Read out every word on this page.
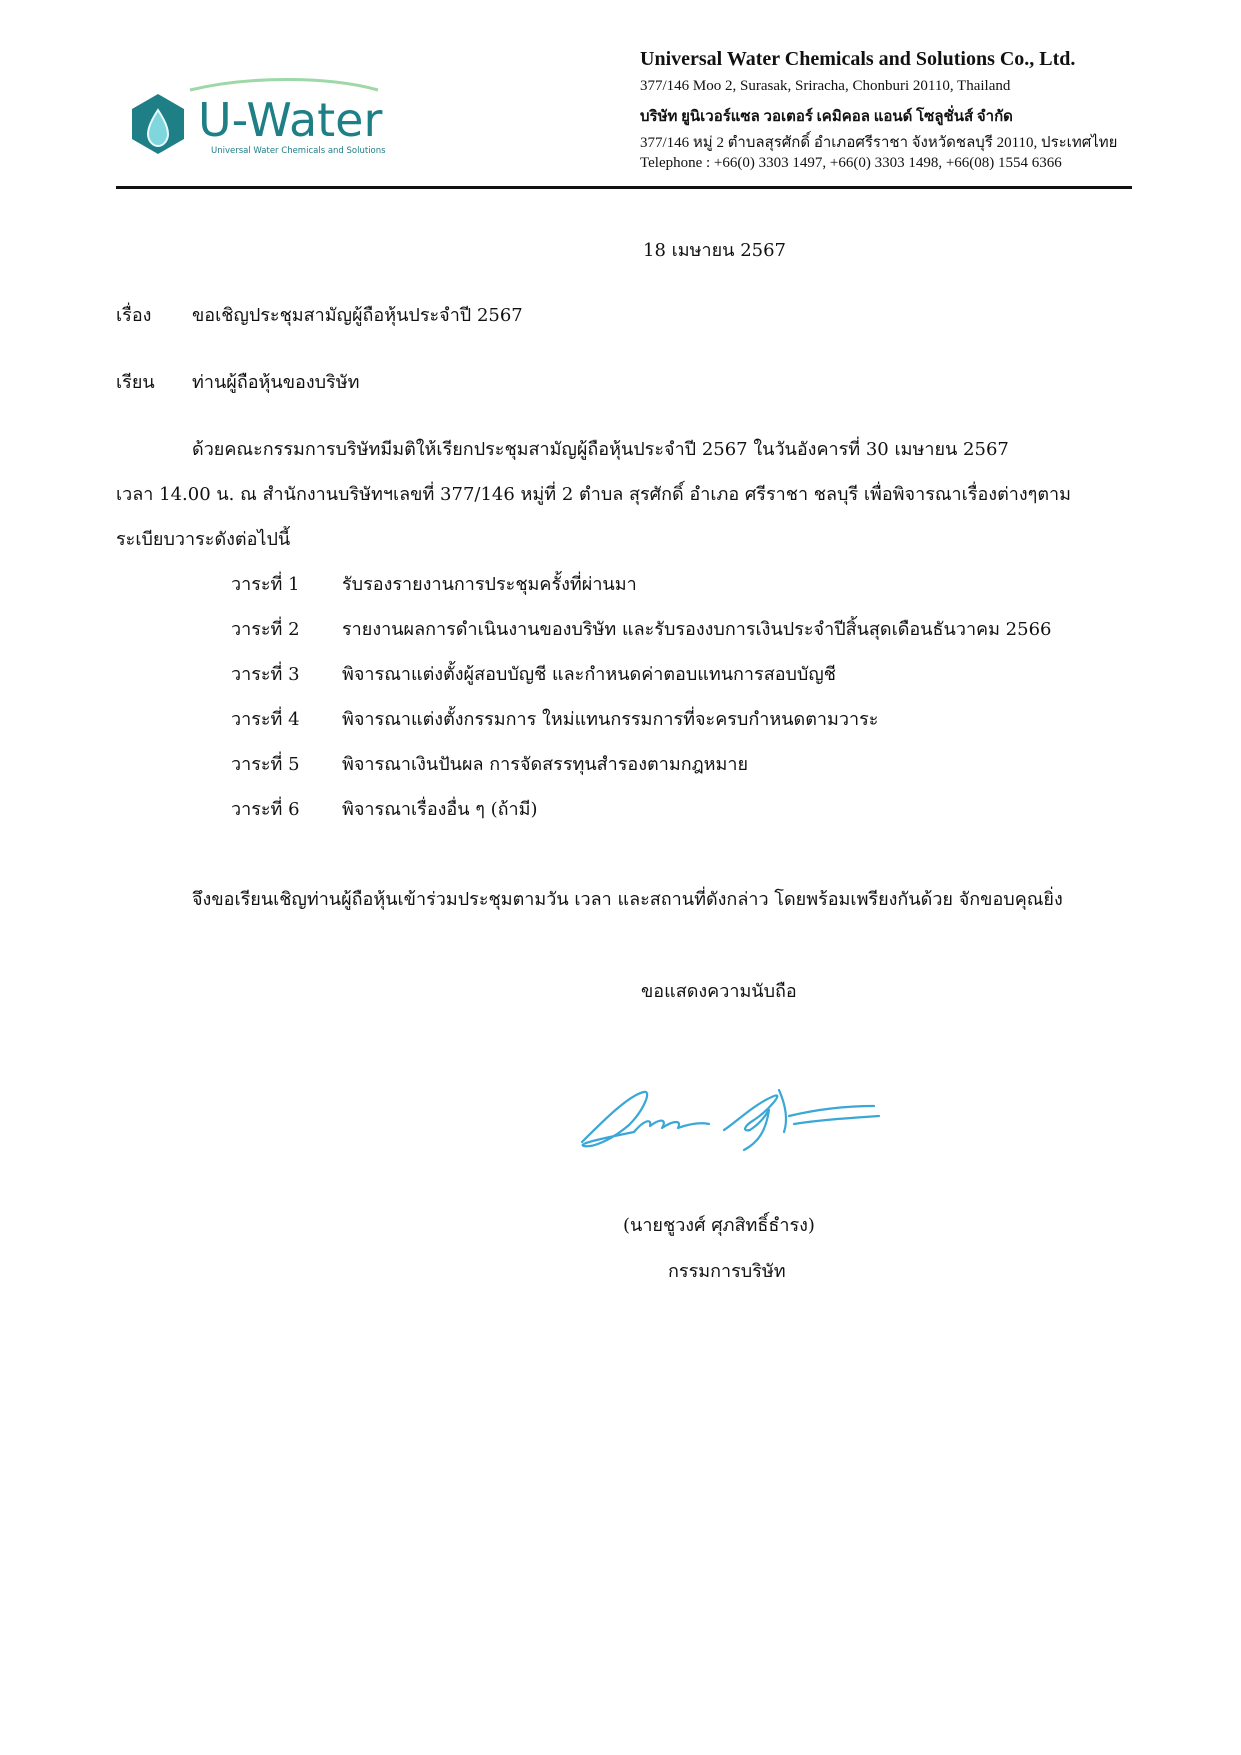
U-Water
Universal Water Chemicals and Solutions
Universal Water Chemicals and Solutions Co., Ltd.
377/146 Moo 2, Surasak, Sriracha, Chonburi 20110, Thailand
บริษัท ยูนิเวอร์แซล วอเตอร์ เคมิคอล แอนด์ โซลูชั่นส์ จำกัด
377/146 หมู่ 2 ตำบลสุรศักดิ์ อำเภอศรีราชา จังหวัดชลบุรี 20110, ประเทศไทย
Telephone : +66(0) 3303 1497, +66(0) 3303 1498, +66(08) 1554 6366
18 เมษายน 2567
เรื่อง ขอเชิญประชุมสามัญผู้ถือหุ้นประจำปี 2567
เรียน ท่านผู้ถือหุ้นของบริษัท
ด้วยคณะกรรมการบริษัทมีมติให้เรียกประชุมสามัญผู้ถือหุ้นประจำปี 2567 ในวันอังคารที่ 30 เมษายน 2567
เวลา 14.00 น. ณ สำนักงานบริษัทฯเลขที่ 377/146 หมู่ที่ 2 ตำบล สุรศักดิ์ อำเภอ ศรีราชา ชลบุรี เพื่อพิจารณาเรื่องต่างๆตาม
ระเบียบวาระดังต่อไปนี้
วาระที่ 1 รับรองรายงานการประชุมครั้งที่ผ่านมา
วาระที่ 2 รายงานผลการดำเนินงานของบริษัท และรับรองงบการเงินประจำปีสิ้นสุดเดือนธันวาคม 2566
วาระที่ 3 พิจารณาแต่งตั้งผู้สอบบัญชี และกำหนดค่าตอบแทนการสอบบัญชี
วาระที่ 4 พิจารณาแต่งตั้งกรรมการ ใหม่แทนกรรมการที่จะครบกำหนดตามวาระ
วาระที่ 5 พิจารณาเงินปันผล การจัดสรรทุนสำรองตามกฎหมาย
วาระที่ 6 พิจารณาเรื่องอื่น ๆ (ถ้ามี)
จึงขอเรียนเชิญท่านผู้ถือหุ้นเข้าร่วมประชุมตามวัน เวลา และสถานที่ดังกล่าว โดยพร้อมเพรียงกันด้วย จักขอบคุณยิ่ง
ขอแสดงความนับถือ
(นายชูวงศ์ ศุภสิทธิ์ธำรง)
กรรมการบริษัท
